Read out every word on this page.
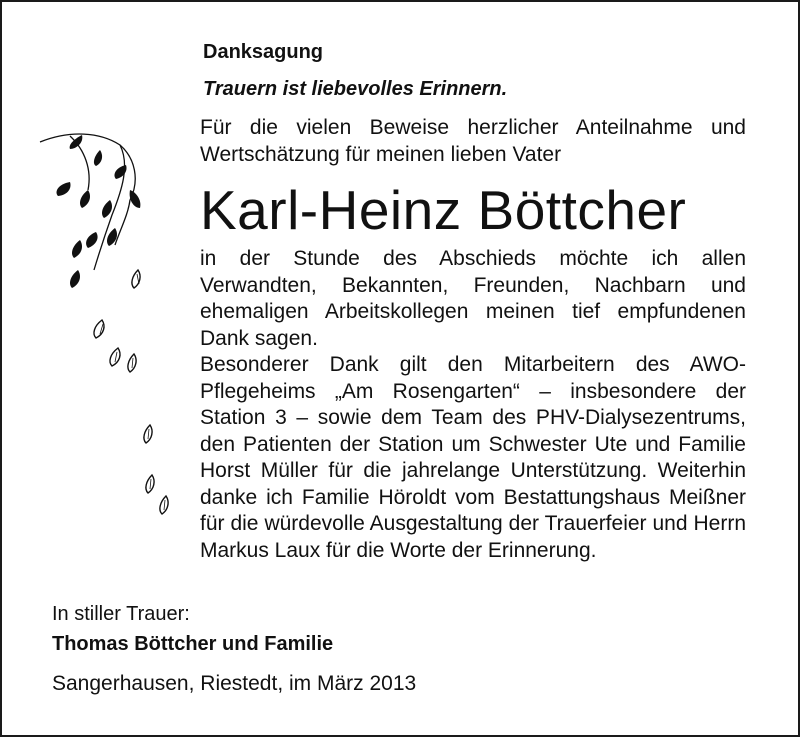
Danksagung
Trauern ist liebevolles Erinnern.
Für die vielen Beweise herzlicher Anteilnahme und Wertschätzung für meinen lieben Vater
Karl-Heinz Böttcher
in der Stunde des Abschieds möchte ich allen Verwandten, Bekannten, Freunden, Nachbarn und ehemaligen Arbeitskollegen meinen tief empfundenen Dank sagen.
Besonderer Dank gilt den Mitarbeitern des AWO-Pflegeheims „Am Rosengarten“ – insbesondere der Station 3 – sowie dem Team des PHV-Dialysezentrums, den Patienten der Station um Schwester Ute und Familie Horst Müller für die jahrelange Unterstützung. Weiterhin danke ich Familie Höroldt vom Bestattungshaus Meißner für die würdevolle Ausgestaltung der Trauerfeier und Herrn Markus Laux für die Worte der Erinnerung.
In stiller Trauer:
Thomas Böttcher und Familie
Sangerhausen, Riestedt, im März 2013
